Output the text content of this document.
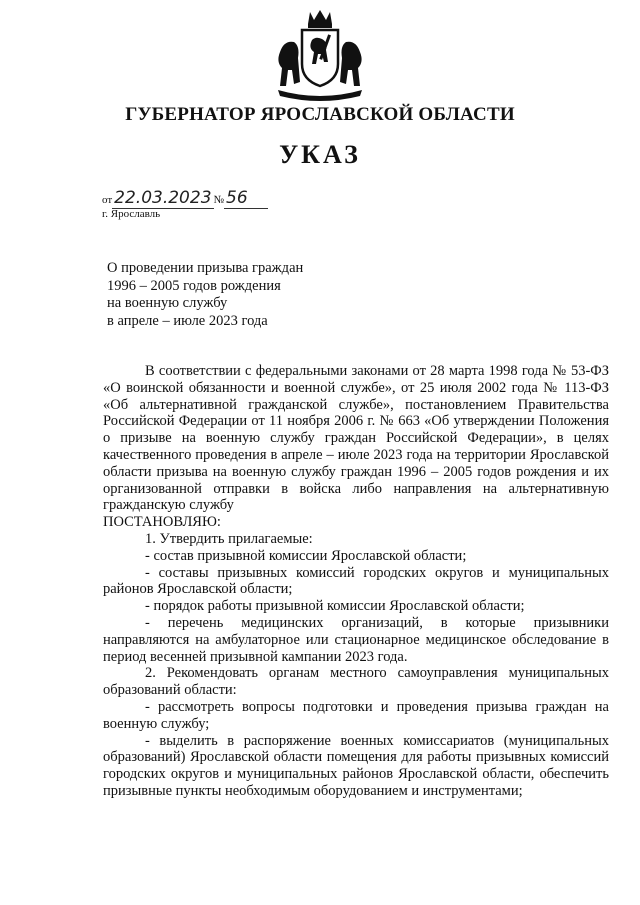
ГУБЕРНАТОР ЯРОСЛАВСКОЙ ОБЛАСТИ
УКАЗ
от 22.03.2023 № 56
г. Ярославль
О проведении призыва граждан
1996 – 2005 годов рождения
на военную службу
в апреле – июле 2023 года

В соответствии с федеральными законами от 28 марта 1998 года № 53-ФЗ «О воинской обязанности и военной службе», от 25 июля 2002 года № 113-ФЗ «Об альтернативной гражданской службе», постановлением Правительства Российской Федерации от 11 ноября 2006 г. № 663 «Об утверждении Положения о призыве на военную службу граждан Российской Федерации», в целях качественного проведения в апреле – июле 2023 года на территории Ярославской области призыва на военную службу граждан 1996 – 2005 годов рождения и их организованной отправки в войска либо направления на альтернативную гражданскую службу

ПОСТАНОВЛЯЮ:

1. Утвердить прилагаемые:

- состав призывной комиссии Ярославской области;

- составы призывных комиссий городских округов и муниципальных районов Ярославской области;

- порядок работы призывной комиссии Ярославской области;

- перечень медицинских организаций, в которые призывники направляются на амбулаторное или стационарное медицинское обследование в период весенней призывной кампании 2023 года.

2. Рекомендовать органам местного самоуправления муниципальных образований области:

- рассмотреть вопросы подготовки и проведения призыва граждан на военную службу;

- выделить в распоряжение военных комиссариатов (муниципальных образований) Ярославской области помещения для работы призывных комиссий городских округов и муниципальных районов Ярославской области, обеспечить призывные пункты необходимым оборудованием и инструментами;
